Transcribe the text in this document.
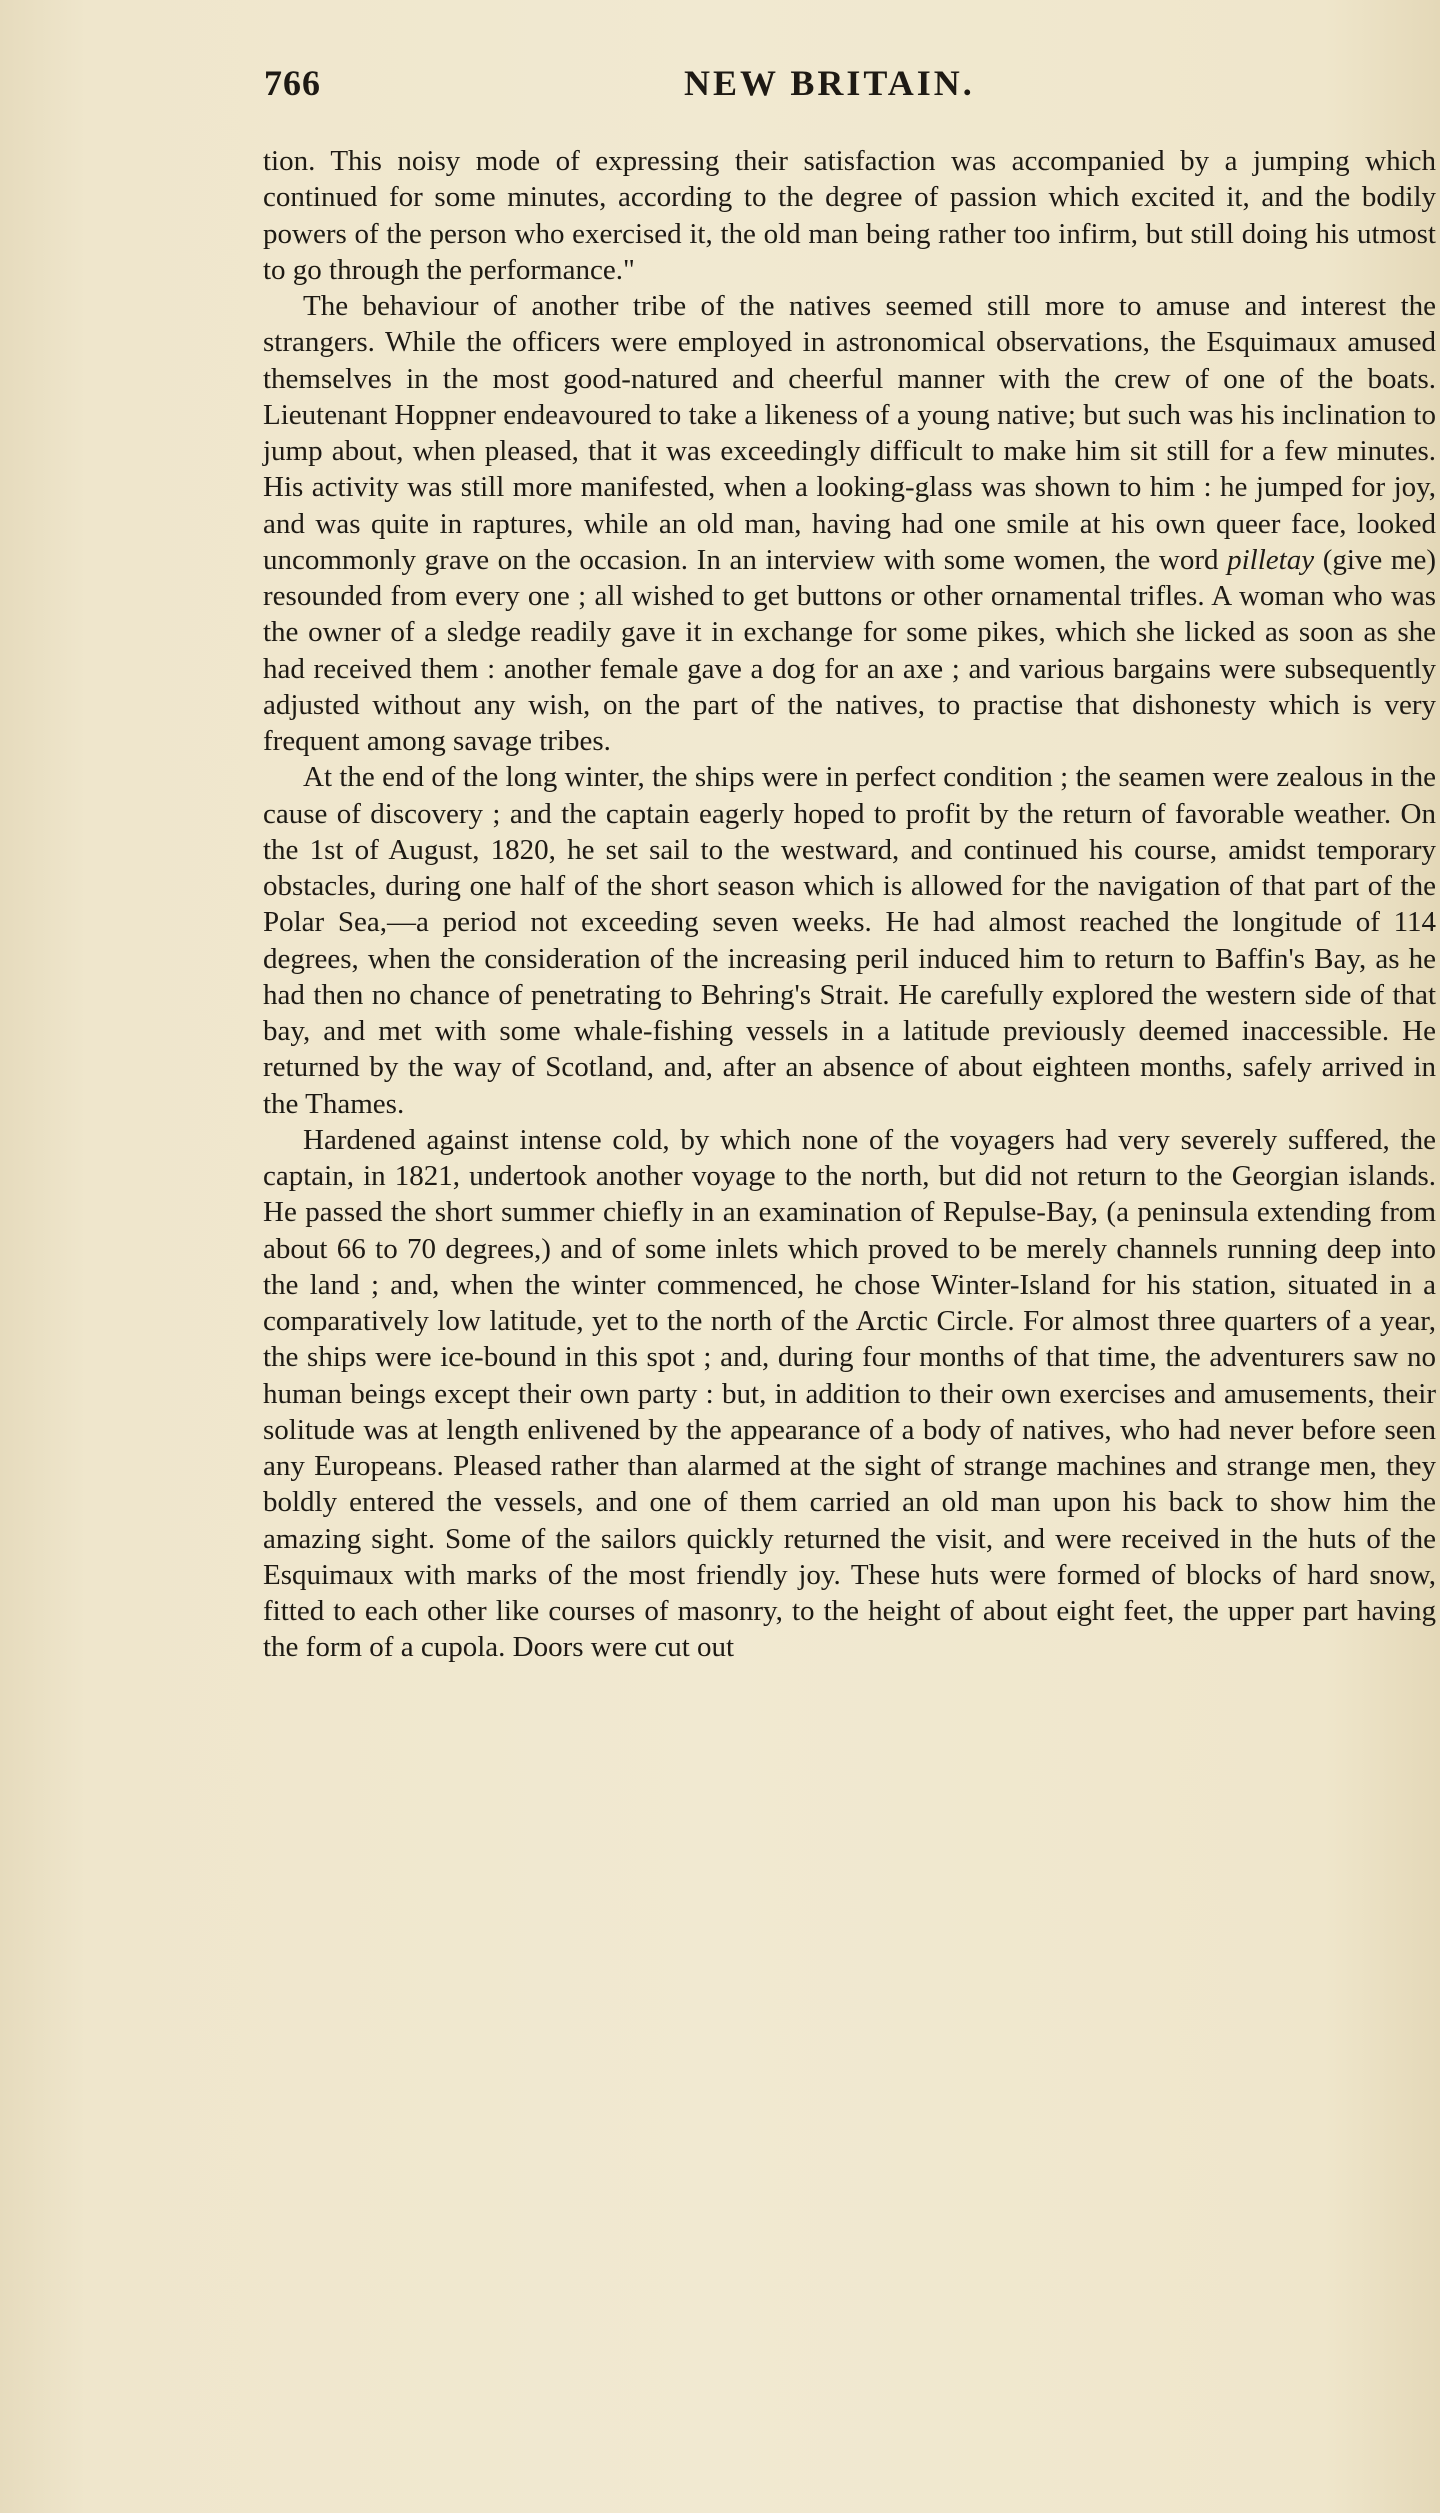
766	NEW BRITAIN.

tion. This noisy mode of expressing their satisfaction was accompanied by a jumping which continued for some minutes, according to the degree of passion which excited it, and the bodily powers of the person who exercised it, the old man being rather too infirm, but still doing his utmost to go through the performance."

The behaviour of another tribe of the natives seemed still more to amuse and interest the strangers. While the officers were employed in astronomical observations, the Esquimaux amused themselves in the most good-natured and cheerful manner with the crew of one of the boats. Lieutenant Hoppner endeavoured to take a likeness of a young native; but such was his inclination to jump about, when pleased, that it was exceedingly difficult to make him sit still for a few minutes. His activity was still more manifested, when a looking-glass was shown to him : he jumped for joy, and was quite in raptures, while an old man, having had one smile at his own queer face, looked uncommonly grave on the occasion. In an interview with some women, the word pilletay (give me) resounded from every one ; all wished to get buttons or other ornamental trifles. A woman who was the owner of a sledge readily gave it in exchange for some pikes, which she licked as soon as she had received them : another female gave a dog for an axe ; and various bargains were subsequently adjusted without any wish, on the part of the natives, to practise that dishonesty which is very frequent among savage tribes.

At the end of the long winter, the ships were in perfect condition ; the seamen were zealous in the cause of discovery ; and the captain eagerly hoped to profit by the return of favorable weather. On the 1st of August, 1820, he set sail to the westward, and continued his course, amidst temporary obstacles, during one half of the short season which is allowed for the navigation of that part of the Polar Sea,—a period not exceeding seven weeks. He had almost reached the longitude of 114 degrees, when the consideration of the increasing peril induced him to return to Baffin's Bay, as he had then no chance of penetrating to Behring's Strait. He carefully explored the western side of that bay, and met with some whale-fishing vessels in a latitude previously deemed inaccessible. He returned by the way of Scotland, and, after an absence of about eighteen months, safely arrived in the Thames.

Hardened against intense cold, by which none of the voyagers had very severely suffered, the captain, in 1821, undertook another voyage to the north, but did not return to the Georgian islands. He passed the short summer chiefly in an examination of Repulse-Bay, (a peninsula extending from about 66 to 70 degrees,) and of some inlets which proved to be merely channels running deep into the land ; and, when the winter commenced, he chose Winter-Island for his station, situated in a comparatively low latitude, yet to the north of the Arctic Circle. For almost three quarters of a year, the ships were ice-bound in this spot ; and, during four months of that time, the adventurers saw no human beings except their own party : but, in addition to their own exercises and amusements, their solitude was at length enlivened by the appearance of a body of natives, who had never before seen any Europeans. Pleased rather than alarmed at the sight of strange machines and strange men, they boldly entered the vessels, and one of them carried an old man upon his back to show him the amazing sight. Some of the sailors quickly returned the visit, and were received in the huts of the Esquimaux with marks of the most friendly joy. These huts were formed of blocks of hard snow, fitted to each other like courses of masonry, to the height of about eight feet, the upper part having the form of a cupola. Doors were cut out
